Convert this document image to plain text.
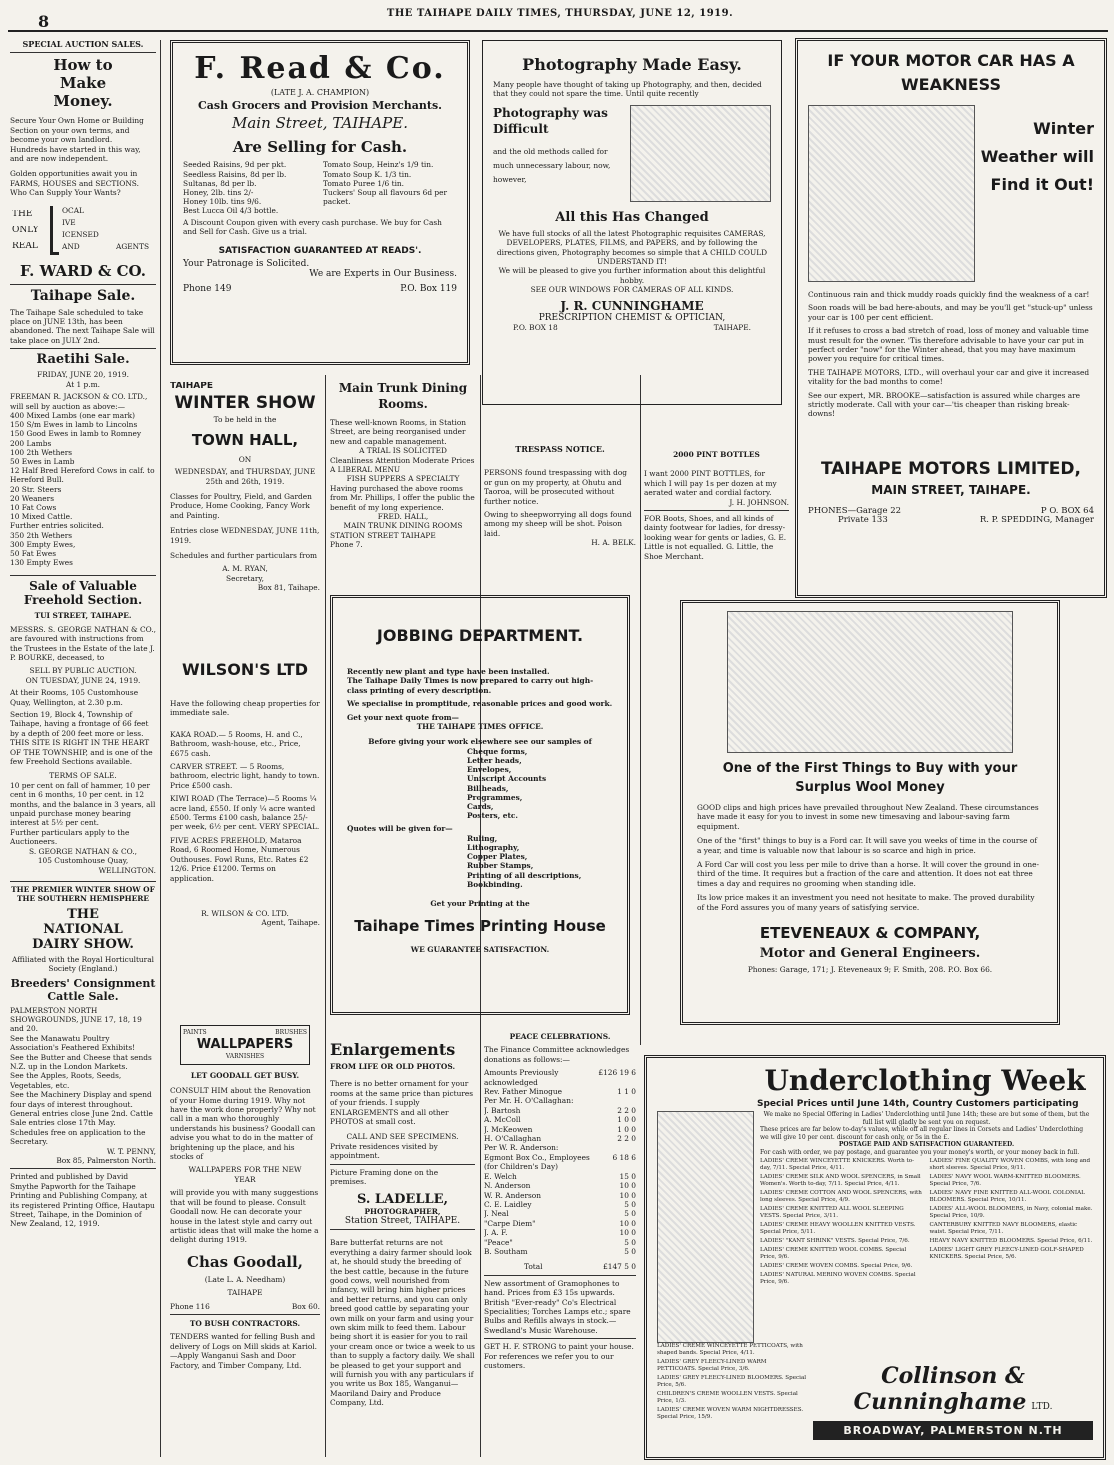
8	THE TAIHAPE DAILY TIMES, THURSDAY, JUNE 12, 1919.

SPECIAL AUCTION SALES.

How to Make Money.

Secure Your Own Home or Building Section on your own terms, and become your own landlord.

Hundreds have started in this way, and are now independent.

Golden opportunities await you in FARMS, HOUSES and SECTIONS. Who Can Supply Your Wants?

THE
ONLY
REAL
OCAL
IVE
ICENSED
AND	AGENTS
F. WARD & CO.
Taihape Sale.

The Taihape Sale scheduled to take place on JUNE 13th, has been abandoned. The next Taihape Sale will take place on JULY 2nd.

Raetihi Sale.

FRIDAY, JUNE 20, 1919.

At 1 p.m.

FREEMAN R. JACKSON & CO. LTD., will sell by auction as above:—

400 Mixed Lambs (one ear mark)
150 S/m Ewes in lamb to Lincolns
150 Good Ewes in lamb to Romney
200 Lambs
100 2th Wethers
50 Ewes in Lamb
12 Half Bred Hereford Cows in calf. to Hereford Bull.
20 Str. Steers
20 Weaners
10 Fat Cows
10 Mixed Cattle.
Further entries solicited.
350 2th Wethers
300 Empty Ewes,
50 Fat Ewes
130 Empty Ewes
Sale of Valuable Freehold Section.

TUI STREET, TAIHAPE.

MESSRS. S. GEORGE NATHAN & CO., are favoured with instructions from the Trustees in the Estate of the late J. P. BOURKE, deceased, to

SELL BY PUBLIC AUCTION.

ON TUESDAY, JUNE 24, 1919.

At their Rooms, 105 Customhouse Quay, Wellington, at 2.30 p.m.

Section 19, Block 4, Township of Taihape, having a frontage of 66 feet by a depth of 200 feet more or less. THIS SITE IS RIGHT IN THE HEART OF THE TOWNSHIP, and is one of the few Freehold Sections available.

TERMS OF SALE.

10 per cent on fall of hammer, 10 per cent in 6 months, 10 per cent. in 12 months, and the balance in 3 years, all unpaid purchase money bearing interest at 5½ per cent.

Further particulars apply to the Auctioneers.

S. GEORGE NATHAN & CO.,

105 Customhouse Quay,

WELLINGTON.

THE PREMIER WINTER SHOW OF THE SOUTHERN HEMISPHERE

THE NATIONAL DAIRY SHOW.

Affiliated with the Royal Horticultural Society (England.)

Breeders' Consignment Cattle Sale.

PALMERSTON NORTH SHOWGROUNDS, JUNE 17, 18, 19 and 20.

See the Manawatu Poultry Association's Feathered Exhibits!

See the Butter and Cheese that sends N.Z. up in the London Markets.

See the Apples, Roots, Seeds, Vegetables, etc.

See the Machinery Display and spend four days of interest throughout.

General entries close June 2nd. Cattle Sale entries close 17th May. Schedules free on application to the Secretary.

W. T. PENNY,

Box 85, Palmerston North.

Printed and published by David Smythe Papworth for the Taihape Printing and Publishing Company, at its registered Printing Office, Hautapu Street, Taihape, in the Dominion of New Zealand, 12, 1919.

F. Read & Co.

(LATE J. A. CHAMPION)

Cash Grocers and Provision Merchants.

Main Street, TAIHAPE.

Are Selling for Cash.

Seeded Raisins, 9d per pkt.
Seedless Raisins, 8d per lb.
Sultanas, 8d per lb.
Honey, 2lb. tins 2/-
Honey 10lb. tins 9/6.
Best Lucca Oil 4/3 bottle.
Tomato Soup, Heinz's 1/9 tin.
Tomato Soup K. 1/3 tin.
Tomato Puree 1/6 tin.
Tuckers' Soup all flavours 6d per packet.

A Discount Coupon given with every cash purchase. We buy for Cash and Sell for Cash. Give us a trial.

SATISFACTION GUARANTEED AT READS'.

Your Patronage is Solicited.

We are Experts in Our Business.

Phone 149	P.O. Box 119
Photography Made Easy.

Many people have thought of taking up Photography, and then, decided that they could not spare the time. Until quite recently

Photography was Difficult

and the old methods called for much unnecessary labour, now, however,

All this Has Changed

We have full stocks of all the latest Photographic requisites CAMERAS, DEVELOPERS, PLATES, FILMS, and PAPERS, and by following the directions given, Photography becomes so simple that A CHILD COULD UNDERSTAND IT!

We will be pleased to give you further information about this delightful hobby.

SEE OUR WINDOWS FOR CAMERAS OF ALL KINDS.

J. R. CUNNINGHAME

PRESCRIPTION CHEMIST & OPTICIAN,

P.O. BOX 18	TAIHAPE.
IF YOUR MOTOR CAR HAS A WEAKNESS

Winter Weather will Find it Out!

Continuous rain and thick muddy roads quickly find the weakness of a car!

Soon roads will be bad here-abouts, and may be you'll get "stuck-up" unless your car is 100 per cent efficient.

If it refuses to cross a bad stretch of road, loss of money and valuable time must result for the owner. 'Tis therefore advisable to have your car put in perfect order "now" for the Winter ahead, that you may have maximum power you require for critical times.

THE TAIHAPE MOTORS, LTD., will overhaul your car and give it increased vitality for the bad months to come!

See our expert, MR. BROOKE—satisfaction is assured while charges are strictly moderate. Call with your car—'tis cheaper than risking break-downs!

TAIHAPE MOTORS LIMITED,

MAIN STREET, TAIHAPE.

PHONES—Garage 22	P O. BOX 64
Private 133	R. P. SPEDDING, Manager

TAIHAPE

WINTER SHOW

To be held in the

TOWN HALL,

ON

WEDNESDAY, and THURSDAY, JUNE 25th and 26th, 1919.

Classes for Poultry, Field, and Garden Produce, Home Cooking, Fancy Work and Painting.

Entries close WEDNESDAY, JUNE 11th, 1919.

Schedules and further particulars from

A. M. RYAN,

Secretary,

Box 81, Taihape.

Main Trunk Dining Rooms.

These well-known Rooms, in Station Street, are being reorganised under new and capable management.

A TRIAL IS SOLICITED

Cleanliness Attention Moderate Prices

A LIBERAL MENU

FISH SUPPERS A SPECIALTY

Having purchased the above rooms from Mr. Phillips, I offer the public the benefit of my long experience.

FRED. HALL,

MAIN TRUNK DINING ROOMS

STATION STREET TAIHAPE

Phone 7.

TRESPASS NOTICE.

PERSONS found trespassing with dog or gun on my property, at Ohutu and Taoroa, will be prosecuted without further notice.

Owing to sheepworrying all dogs found among my sheep will be shot. Poison laid.

H. A. BELK.

2000 PINT BOTTLES

I want 2000 PINT BOTTLES, for which I will pay 1s per dozen at my aerated water and cordial factory.

J. H. JOHNSON.

FOR Boots, Shoes, and all kinds of dainty footwear for ladies, for dressy-looking wear for gents or ladies, G. E. Little is not equalled. G. Little, the Shoe Merchant.

WILSON'S LTD

Have the following cheap properties for immediate sale.

KAKA ROAD.— 5 Rooms, H. and C., Bathroom, wash-house, etc., Price, £675 cash.

CARVER STREET. — 5 Rooms, bathroom, electric light, handy to town. Price £500 cash.

KIWI ROAD (The Terrace)—5 Rooms ¼ acre land, £550. If only ¼ acre wanted £500. Terms £100 cash, balance 25/- per week, 6½ per cent. VERY SPECIAL.

FIVE ACRES FREEHOLD, Mataroa Road, 6 Roomed Home, Numerous Outhouses. Fowl Runs, Etc. Rates £2 12/6. Price £1200. Terms on application.

R. WILSON & CO. LTD.

Agent, Taihape.

JOBBING DEPARTMENT.

Recently new plant and type have been installed.

The Taihape Daily Times is now prepared to carry out high-class printing of every description.

We specialise in promptitude, reasonable prices and good work.

Get your next quote from—

THE TAIHAPE TIMES OFFICE.

Before giving your work elsewhere see our samples of

Cheque forms,
Letter heads,
Envelopes,
Uniscript Accounts
Billheads,
Programmes,
Cards,
Posters, etc.

Quotes will be given for—

Ruling,
Lithography,
Copper Plates,
Rubber Stamps,
Printing of all descriptions,
Bookbinding.

Get your Printing at the

Taihape Times Printing House

WE GUARANTEE SATISFACTION.

One of the First Things to Buy with your Surplus Wool Money

GOOD clips and high prices have prevailed throughout New Zealand. These circumstances have made it easy for you to invest in some new timesaving and labour-saving farm equipment.

One of the "first" things to buy is a Ford car. It will save you weeks of time in the course of a year, and time is valuable now that labour is so scarce and high in price.

A Ford Car will cost you less per mile to drive than a horse. It will cover the ground in one-third of the time. It requires but a fraction of the care and attention. It does not eat three times a day and requires no grooming when standing idle.

Its low price makes it an investment you need not hesitate to make. The proved durability of the Ford assures you of many years of satisfying service.

ETEVENEAUX & COMPANY,

Motor and General Engineers.

Phones: Garage, 171; J. Eteveneaux 9; F. Smith, 208. P.O. Box 66.

PAINTS	BRUSHES
WALLPAPERS
VARNISHES

LET GOODALL GET BUSY.

CONSULT HIM about the Renovation of your Home during 1919. Why not have the work done properly? Why not call in a man who thoroughly understands his business? Goodall can advise you what to do in the matter of brightening up the place, and his stocks of

WALLPAPERS FOR THE NEW YEAR

will provide you with many suggestions that will be found to please. Consult Goodall now. He can decorate your house in the latest style and carry out artistic ideas that will make the home a delight during 1919.

Chas Goodall,

(Late L. A. Needham)

TAIHAPE

Phone 116	Box 60.

TO BUSH CONTRACTORS.

TENDERS wanted for felling Bush and delivery of Logs on Mill skids at Kariol.—Apply Wanganui Sash and Door Factory, and Timber Company, Ltd.

Enlargements

FROM LIFE OR OLD PHOTOS.

There is no better ornament for your rooms at the same price than pictures of your friends. I supply ENLARGEMENTS and all other PHOTOS at small cost.

CALL AND SEE SPECIMENS.

Private residences visited by appointment.

Picture Framing done on the premises.

S. LADELLE,

PHOTOGRAPHER,

Station Street, TAIHAPE.

Bare butterfat returns are not everything a dairy farmer should look at, he should study the breeding of the best cattle, because in the future good cows, well nourished from infancy, will bring him higher prices and better returns, and you can only breed good cattle by separating your own milk on your farm and using your own skim milk to feed them. Labour being short it is easier for you to rail your cream once or twice a week to us than to supply a factory daily. We shall be pleased to get your support and will furnish you with any particulars if you write us Box 185, Wanganui—Maoriland Dairy and Produce Company, Ltd.

PEACE CELEBRATIONS.

The Finance Committee acknowledges donations as follows:—

Amounts Previously acknowledged
£126 19 6
Rev. Father Minogue	1 1 0
Per Mr. H. O'Callaghan:
J. Bartosh	2 2 0
A. McColl	1 0 0
J. McKeowen	1 0 0
H. O'Callaghan	2 2 0
Per W. R. Anderson:
Egmont Box Co., Employees (for Children's Day)
6 18 6
E. Welch	15 0
N. Anderson	10 0
W. R. Anderson	10 0
C. E. Laidley	5 0
J. Neal	5 0
"Carpe Diem"	10 0
J. A. F.	10 0
"Peace"	5 0
B. Southam	5 0
Total	£147 5 0

New assortment of Gramophones to hand. Prices from £3 15s upwards. British "Ever-ready" Co's Electrical Specialities; Torches Lamps etc.; spare Bulbs and Refills always in stock.—Swedland's Music Warehouse.

GET H. F. STRONG to paint your house. For references we refer you to our customers.

Underclothing Week

Special Prices until June 14th, Country Customers participating

We make no Special Offering in Ladies' Underclothing until June 14th; these are but some of them, but the full list will gladly be sent you on request.

These prices are far below to-day's values, while off all regular lines in Corsets and Ladies' Underclothing we will give 10 per cent. discount for cash only, or 5s in the £.

POSTAGE PAID AND SATISFACTION GUARANTEED.

For cash with order, we pay postage, and guarantee you your money's worth, or your money back in full.

LADIES' CREME WINCEYETTE KNICKERS. Worth to-day, 7/11. Special Price, 4/11.

LADIES' CREME SILK AND WOOL SPENCERS, in Small Women's. Worth to-day, 7/11. Special Price, 4/11.

LADIES' CREME COTTON AND WOOL SPENCERS, with long sleeves. Special Price, 4/9.

LADIES' CREME KNITTED ALL WOOL SLEEPING VESTS. Special Price, 3/11.

LADIES' CREME HEAVY WOOLLEN KNITTED VESTS. Special Price, 5/11.

LADIES' "KANT SHRINK" VESTS. Special Price, 7/6.

LADIES' CREME KNITTED WOOL COMBS. Special Price, 9/6.

LADIES' CREME WOVEN COMBS. Special Price, 9/6.

LADIES' NATURAL MERINO WOVEN COMBS. Special Price, 9/6.

LADIES' FINE QUALITY WOVEN COMBS, with long and short sleeves. Special Price, 9/11.

LADIES' NAVY WOOL WARM-KNITTED BLOOMERS. Special Price, 7/6.

LADIES' NAVY FINE KNITTED ALL-WOOL COLONIAL BLOOMERS. Special Price, 10/11.

LADIES' ALL-WOOL BLOOMERS, in Navy, colonial make. Special Price, 10/9.

CANTERBURY KNITTED NAVY BLOOMERS, elastic waist. Special Price, 7/11.

HEAVY NAVY KNITTED BLOOMERS. Special Price, 6/11.

LADIES' LIGHT GREY FLEECY-LINED GOLF-SHAPED KNICKERS. Special Price, 5/6.

LADIES' CREME WINCEYETTE PETTICOATS, with shaped bands. Special Price, 4/11.

LADIES' GREY FLEECY-LINED WARM PETTICOATS. Special Price, 3/6.

LADIES' GREY FLEECY-LINED BLOOMERS. Special Price, 5/6.

CHILDREN'S CREME WOOLLEN VESTS. Special Price, 1/3.

LADIES' CREME WOVEN WARM NIGHTDRESSES. Special Price, 15/9.

Collinson & Cunninghame LTD.
BROADWAY, PALMERSTON N.TH
